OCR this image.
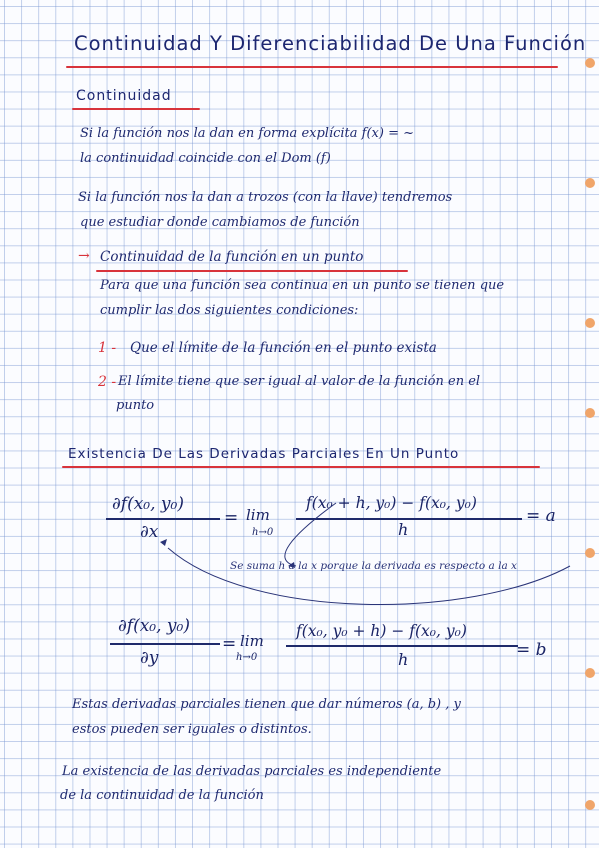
Continuidad Y Diferenciabilidad De Una Función
Continuidad
Si la función nos la dan en forma explícita f(x) = ~
la continuidad coincide con el Dom (f)
Si la función nos la dan a trozos (con la llave) tendremos
que estudiar donde cambiamos de función
→ Continuidad de la función en un punto
Para que una función sea continua en un punto se tienen que
cumplir las dos siguientes condiciones:
1 - Que el límite de la función en el punto exista
2 - El límite tiene que ser igual al valor de la función en el
punto
Existencia De Las Derivadas Parciales En Un Punto
∂f(x₀, y₀)
∂x
= lim
h→0
f(x₀ + h, y₀) − f(x₀, y₀)
h
= a
Se suma h a la x porque la derivada es respecto a la x
∂f(x₀, y₀)
∂y
= lim
h→0
f(x₀, y₀ + h) − f(x₀, y₀)
h	= b
Estas derivadas parciales tienen que dar números (a, b) , y
estos pueden ser iguales o distintos.
La existencia de las derivadas parciales es independiente
de la continuidad de la función
